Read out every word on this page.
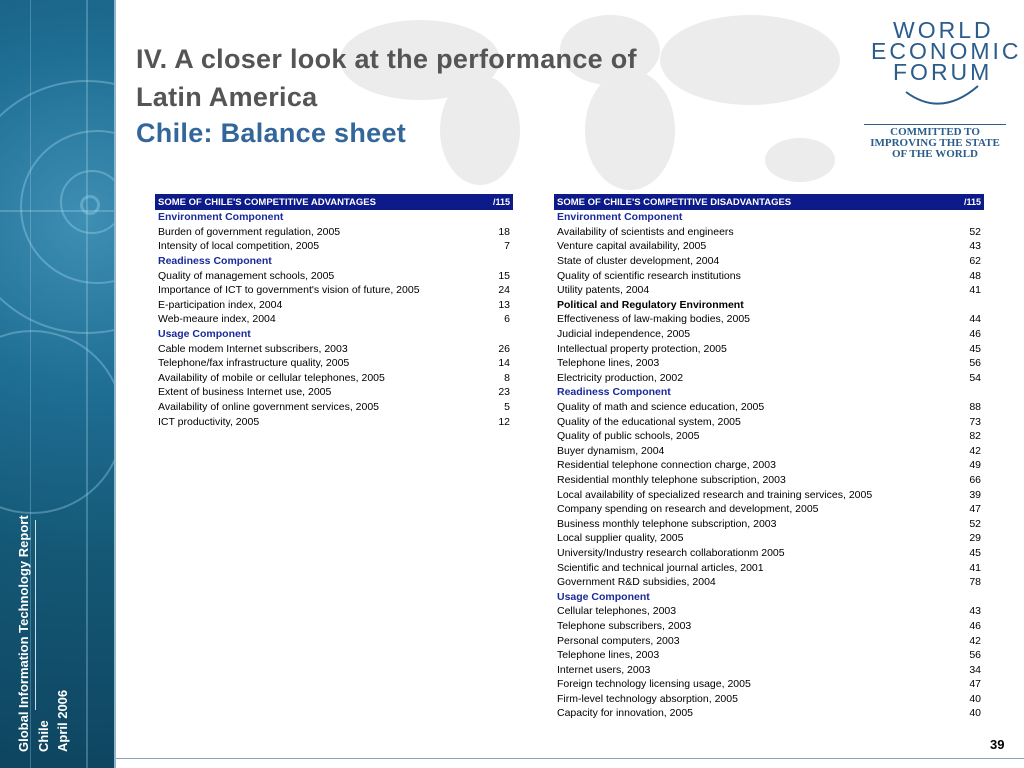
Global Information Technology Report Chile April 2006
IV. A closer look at the performance of
Latin America
Chile: Balance sheet
WORLD
ECONOMIC
FORUM
COMMITTED TO
IMPROVING THE STATE
OF THE WORLD
SOME OF CHILE'S COMPETITIVE ADVANTAGES	/115
Environment Component	
Burden of government regulation, 2005	18
Intensity of local competition, 2005	7
Readiness Component	
Quality of management schools, 2005	15
Importance of ICT to government's vision of future, 2005	24
E-participation index, 2004	13
Web-meaure index, 2004	6
Usage Component	
Cable modem Internet subscribers, 2003	26
Telephone/fax infrastructure quality, 2005	14
Availability of mobile or cellular telephones, 2005	8
Extent of business Internet use, 2005	23
Availability of online government services, 2005	5
ICT productivity, 2005	12
SOME OF CHILE'S COMPETITIVE DISADVANTAGES	/115
Environment Component	
Availability of scientists and engineers	52
Venture capital availability, 2005	43
State of cluster development, 2004	62
Quality of scientific research institutions	48
Utility patents, 2004	41
Political and Regulatory Environment	
Effectiveness of law-making bodies, 2005	44
Judicial independence, 2005	46
Intellectual property protection, 2005	45
Telephone lines, 2003	56
Electricity production, 2002	54
Readiness Component	
Quality of math and science education, 2005	88
Quality of the educational system, 2005	73
Quality of public schools, 2005	82
Buyer dynamism, 2004	42
Residential telephone connection charge, 2003	49
Residential monthly telephone subscription, 2003	66
Local availability of specialized research and training services, 2005	39
Company spending on research and development, 2005	47
Business monthly telephone subscription, 2003	52
Local supplier quality, 2005	29
University/Industry research collaborationm 2005	45
Scientific and technical journal articles, 2001	41
Government R&D subsidies, 2004	78
Usage Component	
Cellular telephones, 2003	43
Telephone subscribers, 2003	46
Personal computers, 2003	42
Telephone lines, 2003	56
Internet users, 2003	34
Foreign technology licensing usage, 2005	47
Firm-level technology absorption, 2005	40
Capacity for innovation, 2005	40
39
